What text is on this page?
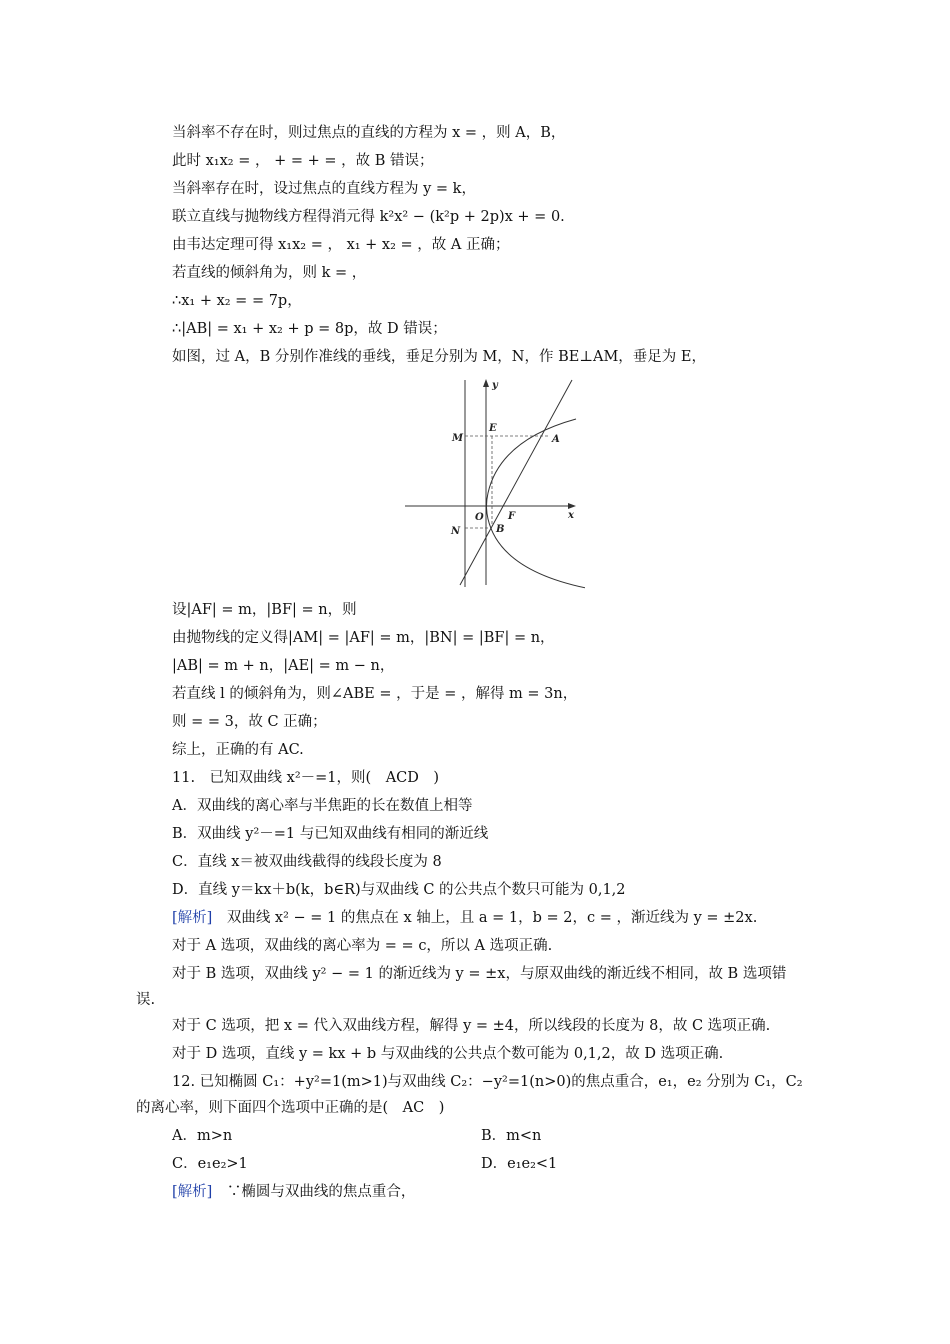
当斜率不存在时，则过焦点的直线的方程为 x = ，则 A，B，
此时 x₁x₂ = ， + = + = ，故 B 错误；
当斜率存在时，设过焦点的直线方程为 y = k，
联立直线与抛物线方程得消元得 k²x² − (k²p + 2p)x + = 0.
由韦达定理可得 x₁x₂ = ， x₁ + x₂ = ，故 A 正确；
若直线的倾斜角为，则 k = ，
∴x₁ + x₂ = = 7p，
∴|AB| = x₁ + x₂ + p = 8p，故 D 错误；
如图，过 A，B 分别作准线的垂线，垂足分别为 M，N，作 BE⊥AM，垂足为 E，
y
x
M
E
A
O F
N	B
设|AF| = m，|BF| = n，则
由抛物线的定义得|AM| = |AF| = m，|BN| = |BF| = n，
|AB| = m + n，|AE| = m − n，
若直线 l 的倾斜角为，则∠ABE = ，于是 = ，解得 m = 3n，
则 = = 3，故 C 正确；
综上，正确的有 AC.
11.　已知双曲线 x²－=1，则(　ACD　)
A．双曲线的离心率与半焦距的长在数值上相等
B．双曲线 y²－=1 与已知双曲线有相同的渐近线
C．直线 x＝被双曲线截得的线段长度为 8
D．直线 y＝kx＋b(k，b∈R)与双曲线 C 的公共点个数只可能为 0,1,2
[解析]　双曲线 x² − = 1 的焦点在 x 轴上，且 a = 1，b = 2，c = ，渐近线为 y = ±2x.
对于 A 选项，双曲线的离心率为 = = c，所以 A 选项正确.
对于 B 选项，双曲线 y² − = 1 的渐近线为 y = ±x，与原双曲线的渐近线不相同，故 B 选项错
误.
对于 C 选项，把 x = 代入双曲线方程，解得 y = ±4，所以线段的长度为 8，故 C 选项正确.
对于 D 选项，直线 y = kx + b 与双曲线的公共点个数可能为 0,1,2，故 D 选项正确.
12. 已知椭圆 C₁：+y²=1(m>1)与双曲线 C₂：−y²=1(n>0)的焦点重合，e₁，e₂ 分别为 C₁，C₂
的离心率，则下面四个选项中正确的是(　AC　)
A．m>n	B．m<n
C．e₁e₂>1	D．e₁e₂<1
[解析]　∵椭圆与双曲线的焦点重合，
